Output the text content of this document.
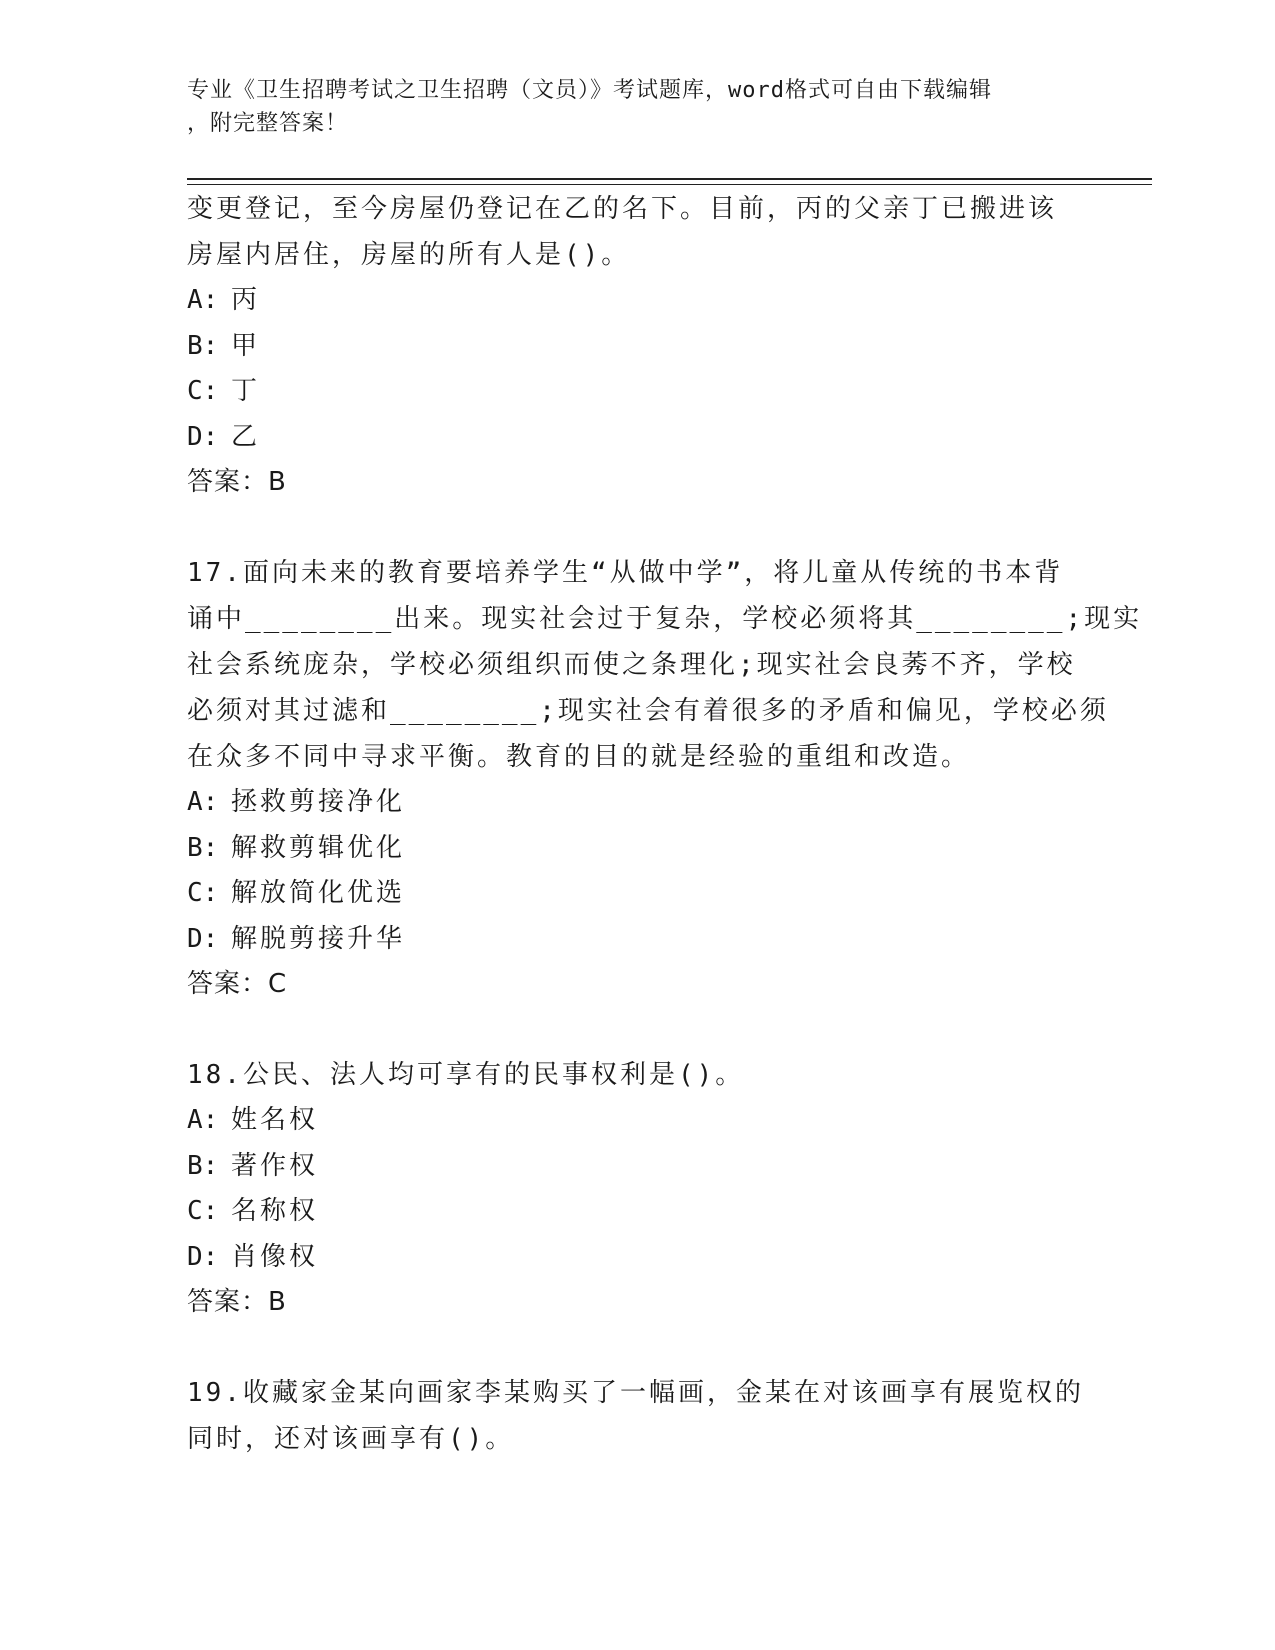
专业《卫生招聘考试之卫生招聘（文员）》考试题库，word格式可自由下载编辑
，附完整答案！
变更登记，至今房屋仍登记在乙的名下。目前，丙的父亲丁已搬进该
房屋内居住，房屋的所有人是()。
A: 丙
B: 甲
C: 丁
D: 乙
答案：B
17.面向未来的教育要培养学生“从做中学”，将儿童从传统的书本背
诵中________出来。现实社会过于复杂，学校必须将其________;现实
社会系统庞杂，学校必须组织而使之条理化;现实社会良莠不齐，学校
必须对其过滤和________;现实社会有着很多的矛盾和偏见，学校必须
在众多不同中寻求平衡。教育的目的就是经验的重组和改造。
A: 拯救剪接净化
B: 解救剪辑优化
C: 解放简化优选
D: 解脱剪接升华
答案：C
18.公民、法人均可享有的民事权利是()。
A: 姓名权
B: 著作权
C: 名称权
D: 肖像权
答案：B
19.收藏家金某向画家李某购买了一幅画，金某在对该画享有展览权的
同时，还对该画享有()。
